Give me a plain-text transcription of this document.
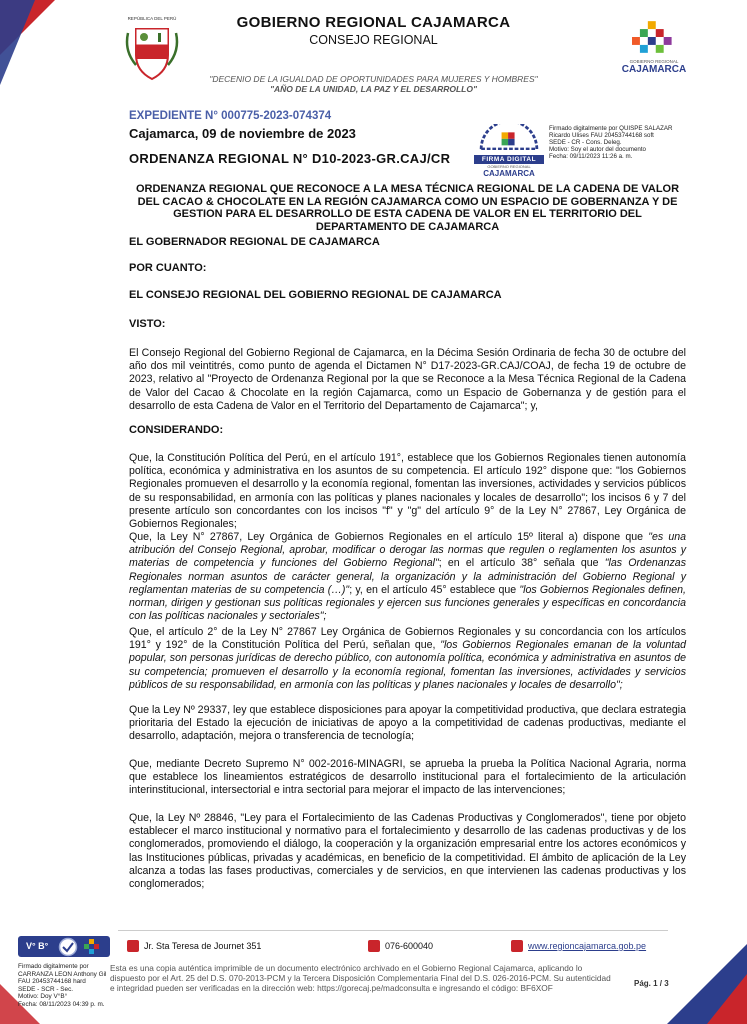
REPÚBLICA DEL PERÚ	GOBIERNO REGIONAL CAJAMARCA
CONSEJO REGIONAL
"DECENIO DE LA IGUALDAD DE OPORTUNIDADES PARA MUJERES Y HOMBRES"
"AÑO DE LA UNIDAD, LA PAZ Y EL DESARROLLO"
GOBIERNO REGIONAL
CAJAMARCA
EXPEDIENTE N° 000775-2023-074374
Cajamarca, 09 de noviembre de 2023
ORDENANZA REGIONAL N° D10-2023-GR.CAJ/CR	FIRMA DIGITAL
GOBIERNO REGIONAL
CAJAMARCA
Firmado digitalmente por QUISPE SALAZAR
Ricardo Ulises FAU 20453744168 soft
SEDE - CR - Cons. Deleg.
Motivo: Soy el autor del documento
Fecha: 09/11/2023 11:26 a. m.
ORDENANZA REGIONAL QUE RECONOCE A LA MESA TÉCNICA REGIONAL DE LA CADENA DE VALOR DEL CACAO & CHOCOLATE EN LA REGIÓN CAJAMARCA COMO UN ESPACIO DE GOBERNANZA Y DE GESTION PARA EL DESARROLLO DE ESTA CADENA DE VALOR EN EL TERRITORIO DEL DEPARTAMENTO DE CAJAMARCA
EL GOBERNADOR REGIONAL DE CAJAMARCA
POR CUANTO:
EL CONSEJO REGIONAL DEL GOBIERNO REGIONAL DE CAJAMARCA
VISTO:
El Consejo Regional del Gobierno Regional de Cajamarca, en la Décima Sesión Ordinaria de fecha 30 de octubre del año dos mil veintitrés, como punto de agenda el Dictamen N° D17-2023-GR.CAJ/COAJ, de fecha 19 de octubre de 2023, relativo al "Proyecto de Ordenanza Regional por la que se Reconoce a la Mesa Técnica Regional de la Cadena de Valor del Cacao & Chocolate en la región Cajamarca, como un Espacio de Gobernanza y de gestión para el desarrollo de esta Cadena de Valor en el Territorio del Departamento de Cajamarca"; y,
CONSIDERANDO:
Que, la Constitución Política del Perú, en el artículo 191°, establece que los Gobiernos Regionales tienen autonomía política, económica y administrativa en los asuntos de su competencia. El artículo 192° dispone que: "los Gobiernos Regionales promueven el desarrollo y la economía regional, fomentan las inversiones, actividades y servicios públicos de su responsabilidad, en armonía con las políticas y planes nacionales y locales de desarrollo"; los incisos 6 y 7 del presente artículo son concordantes con los incisos "f" y "g" del artículo 9° de la Ley N° 27867, Ley Orgánica de Gobiernos Regionales;
Que, la Ley N° 27867, Ley Orgánica de Gobiernos Regionales en el artículo 15º literal a) dispone que "es una atribución del Consejo Regional, aprobar, modificar o derogar las normas que regulen o reglamenten los asuntos y materias de competencia y funciones del Gobierno Regional"; en el artículo 38° señala que "las Ordenanzas Regionales norman asuntos de carácter general, la organización y la administración del Gobierno Regional y reglamentan materias de su competencia (…)"; y, en el artículo 45° establece que "los Gobiernos Regionales definen, norman, dirigen y gestionan sus políticas regionales y ejercen sus funciones generales y específicas en concordancia con las políticas nacionales y sectoriales";
Que, el artículo 2° de la Ley N° 27867 Ley Orgánica de Gobiernos Regionales y su concordancia con los artículos 191° y 192° de la Constitución Política del Perú, señalan que, "los Gobiernos Regionales emanan de la voluntad popular, son personas jurídicas de derecho público, con autonomía política, económica y administrativa en asuntos de su competencia; promueven el desarrollo y la economía regional, fomentan las inversiones, actividades y servicios públicos de su responsabilidad, en armonía con las políticas y planes nacionales y locales de desarrollo";
Que la Ley Nº 29337, ley que establece disposiciones para apoyar la competitividad productiva, que declara estrategia prioritaria del Estado la ejecución de iniciativas de apoyo a la competitividad de cadenas productivas, mediante el desarrollo, adaptación, mejora o transferencia de tecnología;
Que, mediante Decreto Supremo N° 002-2016-MINAGRI, se aprueba la prueba la Política Nacional Agraria, norma que establece los lineamientos estratégicos de desarrollo institucional para el fortalecimiento de la articulación interinstitucional, intersectorial e intra sectorial para mejorar el impacto de las intervenciones;
Que, la Ley Nº 28846, "Ley para el Fortalecimiento de las Cadenas Productivas y Conglomerados", tiene por objeto establecer el marco institucional y normativo para el fortalecimiento y desarrollo de las cadenas productivas y de los conglomerados, promoviendo el diálogo, la cooperación y la organización empresarial entre los actores económicos y las Instituciones públicas, privadas y académicas, en beneficio de la competitividad. El ámbito de aplicación de la Ley alcanza a todas las fases productivas, comerciales y de servicios, en que intervienen las cadenas productivas y los conglomerados;
V° B°	Jr. Sta Teresa de Journet 351	076-600040	www.regioncajamarca.gob.pe
Firmado digitalmente por
CARRANZA LEON Anthony Gil
FAU 20453744168 hard
SEDE - SCR - Sec.
Motivo: Doy V°B°
Fecha: 08/11/2023 04:39 p. m.
Esta es una copia auténtica imprimible de un documento electrónico archivado en el Gobierno Regional Cajamarca, aplicando lo dispuesto por el Art. 25 del D.S. 070-2013-PCM y la Tercera Disposición Complementaria Final del D.S. 026-2016-PCM. Su autenticidad e integridad pueden ser verificadas en la dirección web: https://gorecaj.pe/madconsulta e ingresando el código: BF6XOF	Pág. 1 / 3
